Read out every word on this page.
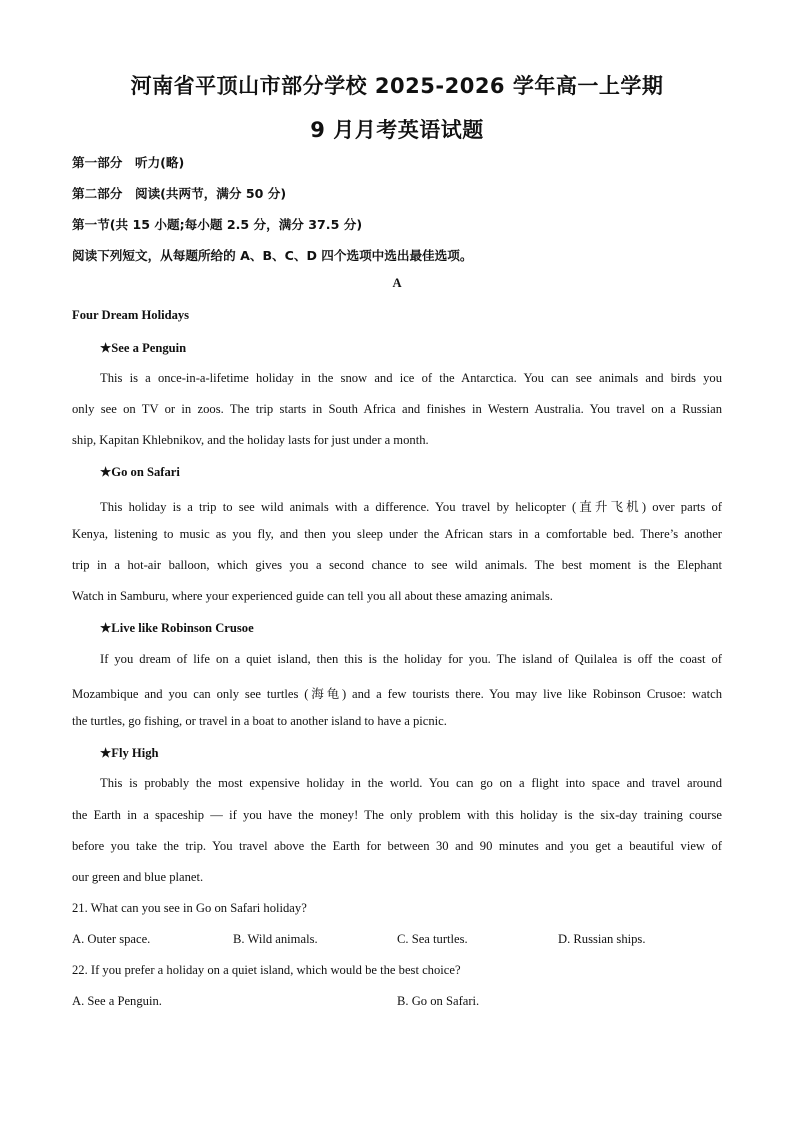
河南省平顶山市部分学校 2025-2026 学年高一上学期
9 月月考英语试题
第一部分　听力(略)
第二部分　阅读(共两节，满分 50 分)
第一节(共 15 小题;每小题 2.5 分，满分 37.5 分)
阅读下列短文，从每题所给的 A、B、C、D 四个选项中选出最佳选项。
A
Four Dream Holidays
★See a Penguin
This is a once-in-a-lifetime holiday in the snow and ice of the Antarctica. You can see animals and birds you
only see on TV or in zoos. The trip starts in South Africa and finishes in Western Australia. You travel on a Russian
ship, Kapitan Khlebnikov, and the holiday lasts for just under a month.
★Go on Safari
This holiday is a trip to see wild animals with a difference. You travel by helicopter (直升飞机) over parts of
Kenya, listening to music as you fly, and then you sleep under the African stars in a comfortable bed. There’s another
trip in a hot-air balloon, which gives you a second chance to see wild animals. The best moment is the Elephant
Watch in Samburu, where your experienced guide can tell you all about these amazing animals.
★Live like Robinson Crusoe
If you dream of life on a quiet island, then this is the holiday for you. The island of Quilalea is off the coast of
Mozambique and you can only see turtles (海龟) and a few tourists there. You may live like Robinson Crusoe: watch
the turtles, go fishing, or travel in a boat to another island to have a picnic.
★Fly High
This is probably the most expensive holiday in the world. You can go on a flight into space and travel around
the Earth in a spaceship — if you have the money! The only problem with this holiday is the six-day training course
before you take the trip. You travel above the Earth for between 30 and 90 minutes and you get a beautiful view of
our green and blue planet.
21. What can you see in Go on Safari holiday?
A. Outer space.	B. Wild animals.	C. Sea turtles.	D. Russian ships.
22. If you prefer a holiday on a quiet island, which would be the best choice?
A. See a Penguin.	B. Go on Safari.
